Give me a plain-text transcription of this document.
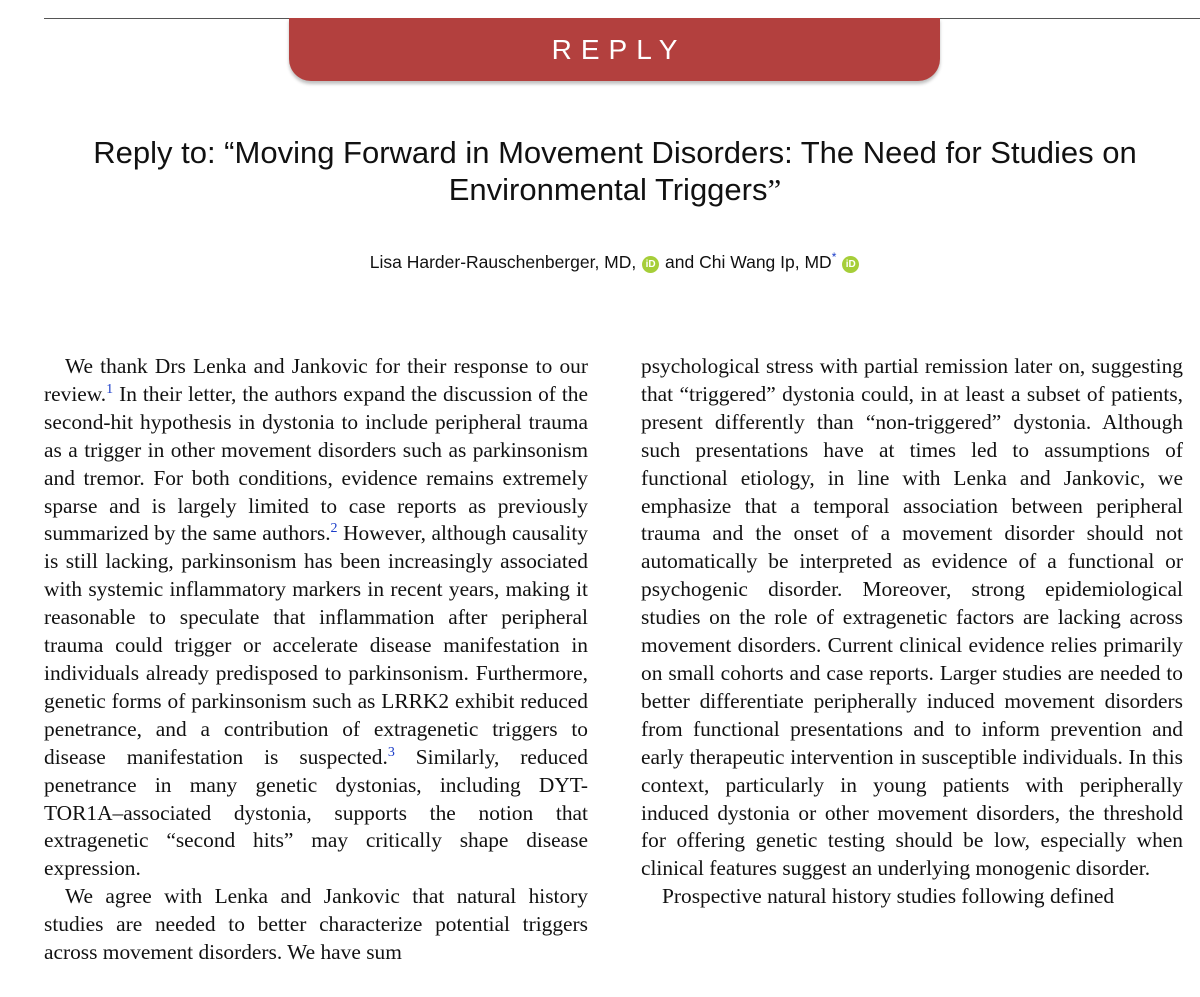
REPLY
Reply to: “Moving Forward in Movement Disorders: The Need for Studies on Environmental Triggers”
Lisa Harder-Rauschenberger, MD, iD and Chi Wang Ip, MD* iD

We thank Drs Lenka and Jankovic for their response to our review.$^1$ In their letter, the authors expand the discussion of the second-hit hypothesis in dystonia to include peripheral trauma as a trigger in other movement disorders such as parkinsonism and tremor. For both conditions, evidence remains extremely sparse and is largely limited to case reports as previously summarized by the same authors.$^2$ However, although causality is still lacking, parkinsonism has been increasingly associated with systemic inflammatory markers in recent years, making it reasonable to speculate that inflammation after peripheral trauma could trigger or accelerate disease manifestation in individuals already predisposed to parkinsonism. Furthermore, genetic forms of parkinsonism such as LRRK2 exhibit reduced penetrance, and a contribution of extragenetic triggers to disease manifestation is suspected.$^3$ Similarly, reduced penetrance in many genetic dystonias, including DYT-TOR1A–associated dystonia, supports the notion that extragenetic “second hits” may critically shape disease expression.

We agree with Lenka and Jankovic that natural history studies are needed to better characterize potential triggers across movement disorders. We have sum

psychological stress with partial remission later on, suggesting that “triggered” dystonia could, in at least a subset of patients, present differently than “non-triggered” dystonia. Although such presentations have at times led to assumptions of functional etiology, in line with Lenka and Jankovic, we emphasize that a temporal association between peripheral trauma and the onset of a movement disorder should not automatically be interpreted as evidence of a functional or psychogenic disorder. Moreover, strong epidemiological studies on the role of extragenetic factors are lacking across movement disorders. Current clinical evidence relies primarily on small cohorts and case reports. Larger studies are needed to better differentiate peripherally induced movement disorders from functional presentations and to inform prevention and early therapeutic intervention in susceptible individuals. In this context, particularly in young patients with peripherally induced dystonia or other movement disorders, the threshold for offering genetic testing should be low, especially when clinical features suggest an underlying monogenic disorder.

Prospective natural history studies following defined
